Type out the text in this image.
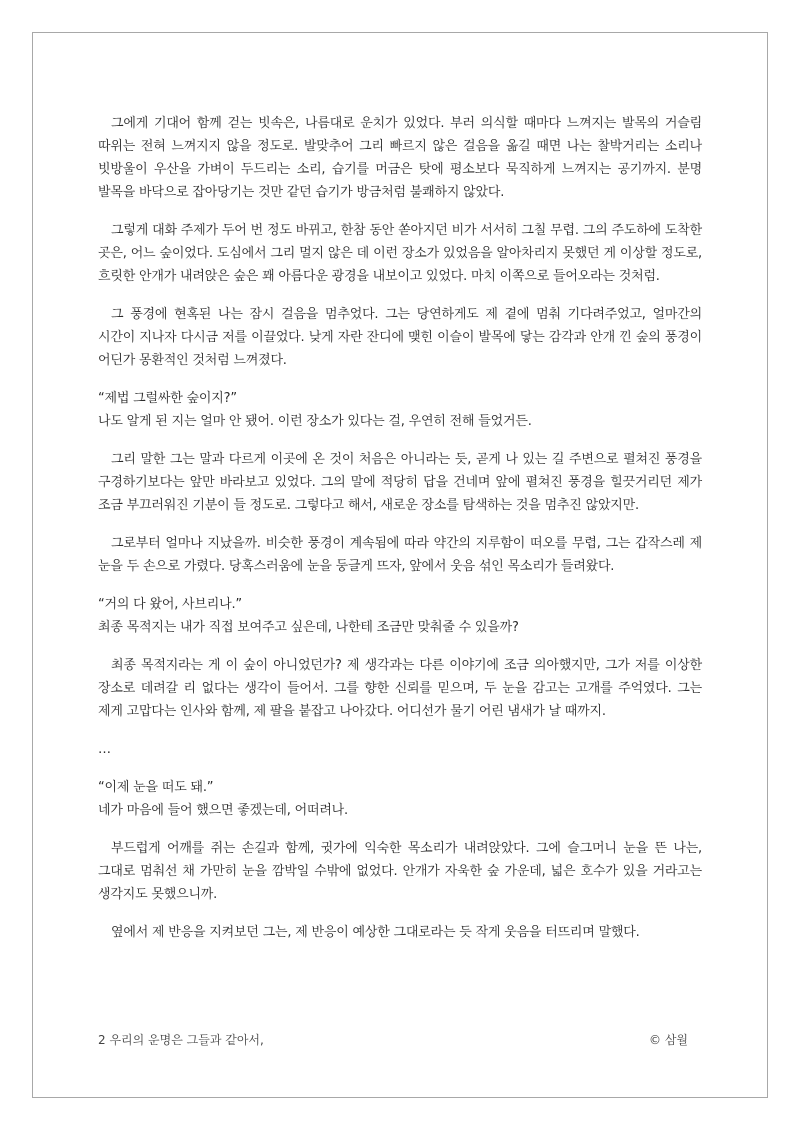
그에게 기대어 함께 걷는 빗속은, 나름대로 운치가 있었다. 부러 의식할 때마다 느껴지는 발목의 거슬림 따위는 전혀 느껴지지 않을 정도로. 발맞추어 그리 빠르지 않은 걸음을 옮길 때면 나는 찰박거리는 소리나 빗방울이 우산을 가벼이 두드리는 소리, 습기를 머금은 탓에 평소보다 묵직하게 느껴지는 공기까지. 분명 발목을 바닥으로 잡아당기는 것만 같던 습기가 방금처럼 불쾌하지 않았다.

그렇게 대화 주제가 두어 번 정도 바뀌고, 한참 동안 쏟아지던 비가 서서히 그칠 무렵. 그의 주도하에 도착한 곳은, 어느 숲이었다. 도심에서 그리 멀지 않은 데 이런 장소가 있었음을 알아차리지 못했던 게 이상할 정도로, 흐릿한 안개가 내려앉은 숲은 꽤 아름다운 광경을 내보이고 있었다. 마치 이쪽으로 들어오라는 것처럼.

그 풍경에 현혹된 나는 잠시 걸음을 멈추었다. 그는 당연하게도 제 곁에 멈춰 기다려주었고, 얼마간의 시간이 지나자 다시금 저를 이끌었다. 낮게 자란 잔디에 맺힌 이슬이 발목에 닿는 감각과 안개 낀 숲의 풍경이 어딘가 몽환적인 것처럼 느껴졌다.

“제법 그럴싸한 숲이지?”

나도 알게 된 지는 얼마 안 됐어. 이런 장소가 있다는 걸, 우연히 전해 들었거든.

그리 말한 그는 말과 다르게 이곳에 온 것이 처음은 아니라는 듯, 곧게 나 있는 길 주변으로 펼쳐진 풍경을 구경하기보다는 앞만 바라보고 있었다. 그의 말에 적당히 답을 건네며 앞에 펼쳐진 풍경을 힐끗거리던 제가 조금 부끄러워진 기분이 들 정도로. 그렇다고 해서, 새로운 장소를 탐색하는 것을 멈추진 않았지만.

그로부터 얼마나 지났을까. 비슷한 풍경이 계속됨에 따라 약간의 지루함이 떠오를 무렵, 그는 갑작스레 제 눈을 두 손으로 가렸다. 당혹스러움에 눈을 둥글게 뜨자, 앞에서 웃음 섞인 목소리가 들려왔다.

“거의 다 왔어, 사브리나.”

최종 목적지는 내가 직접 보여주고 싶은데, 나한테 조금만 맞춰줄 수 있을까?

최종 목적지라는 게 이 숲이 아니었던가? 제 생각과는 다른 이야기에 조금 의아했지만, 그가 저를 이상한 장소로 데려갈 리 없다는 생각이 들어서. 그를 향한 신뢰를 믿으며, 두 눈을 감고는 고개를 주억였다. 그는 제게 고맙다는 인사와 함께, 제 팔을 붙잡고 나아갔다. 어디선가 물기 어린 냄새가 날 때까지.

…

“이제 눈을 떠도 돼.”

네가 마음에 들어 했으면 좋겠는데, 어떠려나.

부드럽게 어깨를 쥐는 손길과 함께, 귓가에 익숙한 목소리가 내려앉았다. 그에 슬그머니 눈을 뜬 나는, 그대로 멈춰선 채 가만히 눈을 깜박일 수밖에 없었다. 안개가 자욱한 숲 가운데, 넓은 호수가 있을 거라고는 생각지도 못했으니까.

옆에서 제 반응을 지켜보던 그는, 제 반응이 예상한 그대로라는 듯 작게 웃음을 터뜨리며 말했다.

2 우리의 운명은 그들과 같아서,	© 삼월
